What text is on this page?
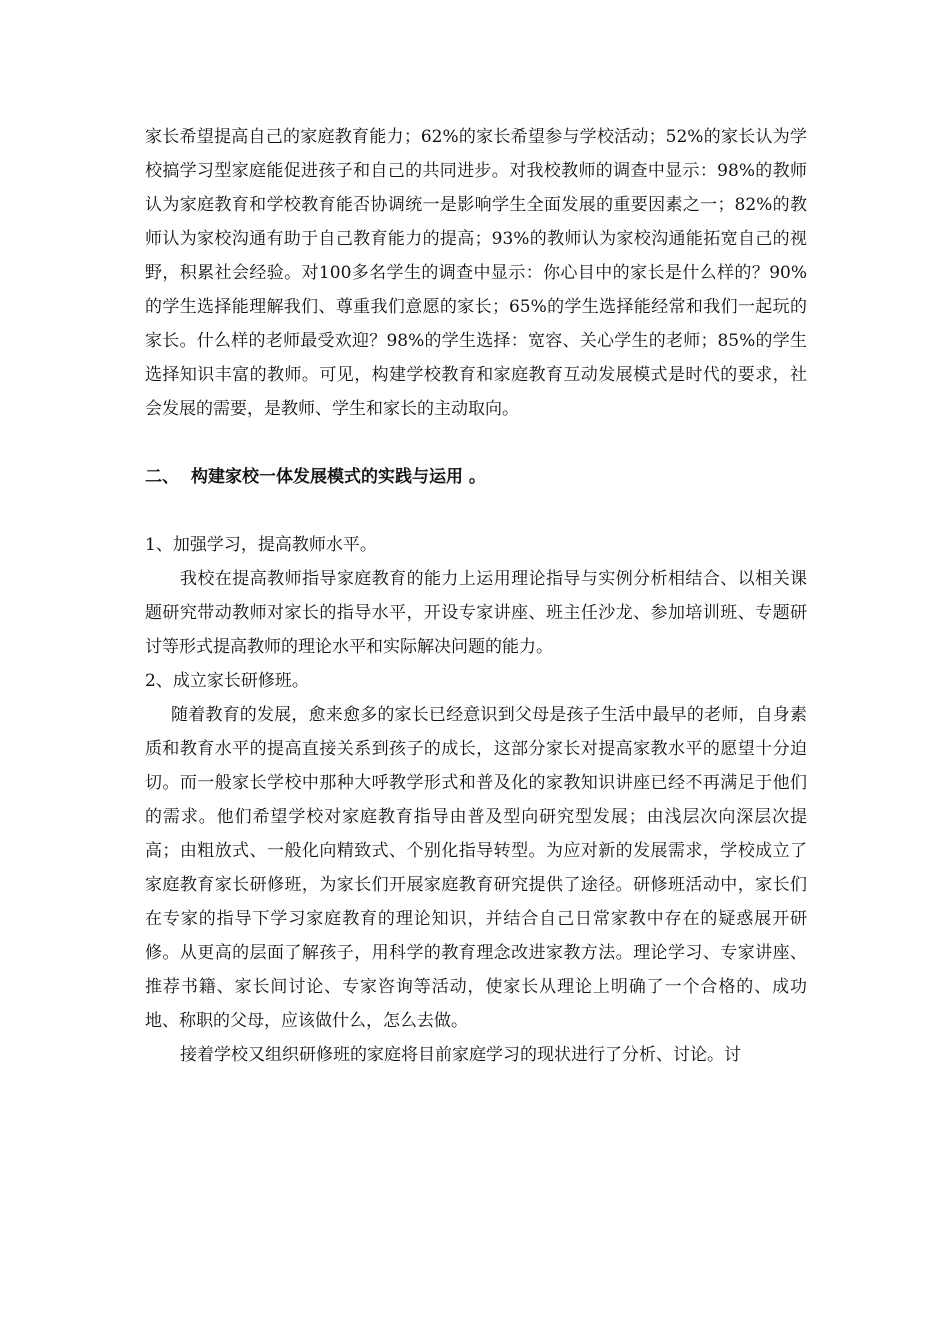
家长希望提高自己的家庭教育能力；62%的家长希望参与学校活动；52%的家长认为学校搞学习型家庭能促进孩子和自己的共同进步。对我校教师的调查中显示：98%的教师认为家庭教育和学校教育能否协调统一是影响学生全面发展的重要因素之一；82%的教师认为家校沟通有助于自己教育能力的提高；93%的教师认为家校沟通能拓宽自己的视野，积累社会经验。对100多名学生的调查中显示：你心目中的家长是什么样的？90%的学生选择能理解我们、尊重我们意愿的家长；65%的学生选择能经常和我们一起玩的家长。什么样的老师最受欢迎？98%的学生选择：宽容、关心学生的老师；85%的学生选择知识丰富的教师。可见，构建学校教育和家庭教育互动发展模式是时代的要求，社会发展的需要，是教师、学生和家长的主动取向。

二、 构建家校一体发展模式的实践与运用 。

1、加强学习，提高教师水平。

我校在提高教师指导家庭教育的能力上运用理论指导与实例分析相结合、以相关课题研究带动教师对家长的指导水平，开设专家讲座、班主任沙龙、参加培训班、专题研讨等形式提高教师的理论水平和实际解决问题的能力。

2、成立家长研修班。

随着教育的发展，愈来愈多的家长已经意识到父母是孩子生活中最早的老师，自身素质和教育水平的提高直接关系到孩子的成长，这部分家长对提高家教水平的愿望十分迫切。而一般家长学校中那种大呼教学形式和普及化的家教知识讲座已经不再满足于他们的需求。他们希望学校对家庭教育指导由普及型向研究型发展；由浅层次向深层次提高；由粗放式、一般化向精致式、个别化指导转型。为应对新的发展需求，学校成立了家庭教育家长研修班，为家长们开展家庭教育研究提供了途径。研修班活动中，家长们在专家的指导下学习家庭教育的理论知识，并结合自己日常家教中存在的疑惑展开研修。从更高的层面了解孩子，用科学的教育理念改进家教方法。理论学习、专家讲座、推荐书籍、家长间讨论、专家咨询等活动，使家长从理论上明确了一个合格的、成功地、称职的父母，应该做什么，怎么去做。

接着学校又组织研修班的家庭将目前家庭学习的现状进行了分析、讨论。讨
